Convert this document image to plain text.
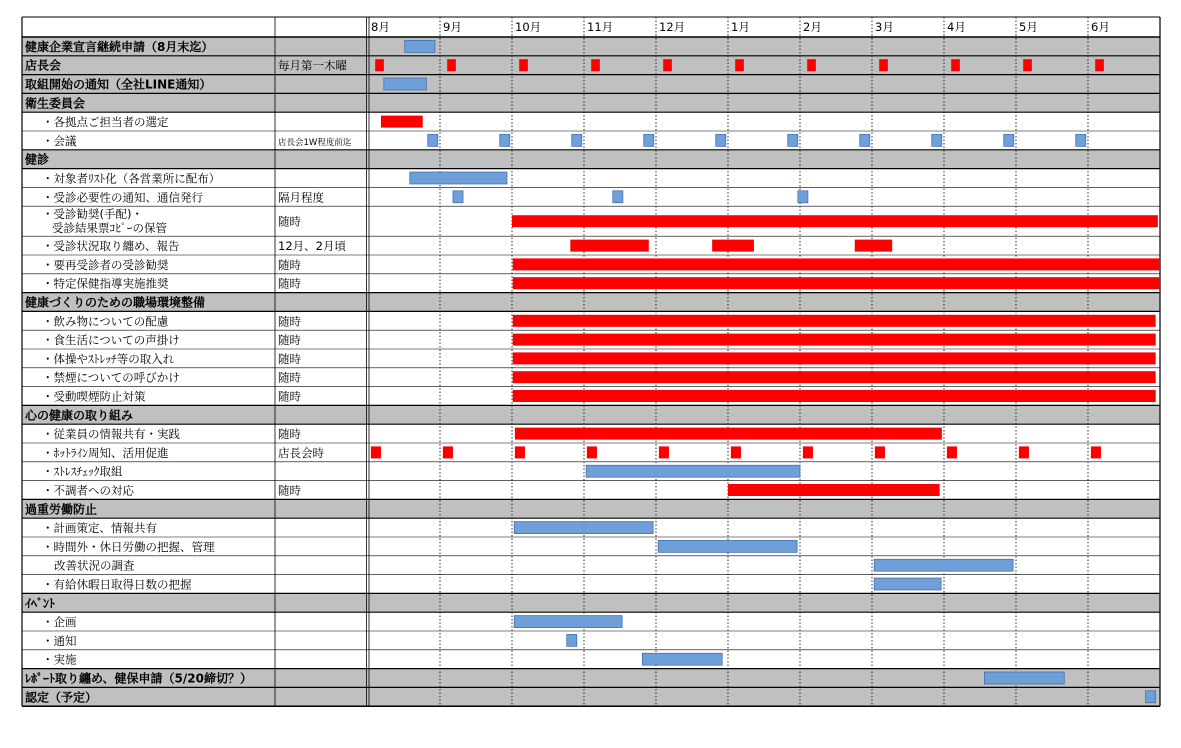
8月	9月	10月	11月	12月	1月	2月	3月	4月	5月	6月
健康企業宣言継続申請（8月末迄）
店長会	毎月第一木曜
取組開始の通知（全社LINE通知）
衛生委員会
・各拠点ご担当者の選定
・会議	店長会1W程度前迄
健診
・対象者ﾘｽﾄ化（各営業所に配布）
・受診必要性の通知、通信発行	隔月程度
・受診勧奨(手配)・受診結果票ｺﾋﾟｰの保管	随時
・受診状況取り纏め、報告	12月、2月頃
・要再受診者の受診勧奨	随時
・特定保健指導実施推奨	随時
健康づくりのための職場環境整備
・飲み物についての配慮	随時
・食生活についての声掛け	随時
・体操やｽﾄﾚｯﾁ等の取入れ	随時
・禁煙についての呼びかけ	随時
・受動喫煙防止対策	随時
心の健康の取り組み
・従業員の情報共有・実践	随時
・ﾎｯﾄﾗｲﾝ周知、活用促進	店長会時
・ｽﾄﾚｽﾁｪｯｸ取組
・不調者への対応	随時
過重労働防止
・計画策定、情報共有
・時間外・休日労働の把握、管理
改善状況の調査
・有給休暇日取得日数の把握
ｲﾍﾞﾝﾄ
・企画
・通知
・実施
ﾚﾎﾟｰﾄ取り纏め、健保申請（5/20締切？）
認定（予定）
